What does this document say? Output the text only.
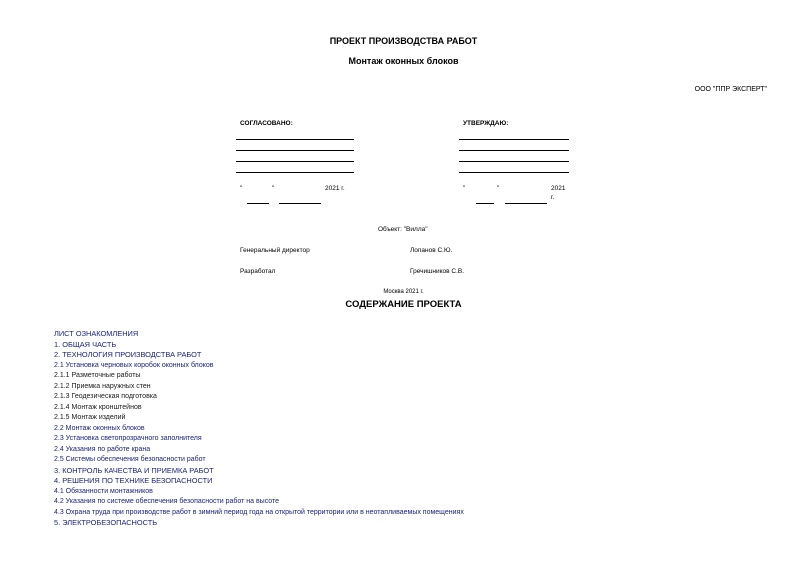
ПРОЕКТ ПРОИЗВОДСТВА РАБОТ
Монтаж оконных блоков
ООО "ППР ЭКСПЕРТ"
СОГЛАСОВАНО:
"	"	2021 г.
УТВЕРЖДАЮ:
"	"	2021
г.
Объект: "Вилла"
Генеральный директор	Лопанов С.Ю.
Разработал	Гречишников С.В.
Москва 2021 г.
СОДЕРЖАНИЕ ПРОЕКТА
ЛИСТ ОЗНАКОМЛЕНИЯ
1. ОБЩАЯ ЧАСТЬ
2. ТЕХНОЛОГИЯ ПРОИЗВОДСТВА РАБОТ
2.1 Установка черновых коробок оконных блоков
2.1.1 Разметочные работы
2.1.2 Приемка наружных стен
2.1.3 Геодезическая подготовка
2.1.4 Монтаж кронштейнов
2.1.5 Монтаж изделий
2.2 Монтаж оконных блоков
2.3 Установка светопрозрачного заполнителя
2.4 Указания по работе крана
2.5 Системы обеспечения безопасности работ
3. КОНТРОЛЬ КАЧЕСТВА И ПРИЕМКА РАБОТ
4. РЕШЕНИЯ ПО ТЕХНИКЕ БЕЗОПАСНОСТИ
4.1 Обязанности монтажников
4.2 Указания по системе обеспечения безопасности работ на высоте
4.3 Охрана труда при производстве работ в зимний период года на открытой территории или в неотапливаемых помещениях
5. ЭЛЕКТРОБЕЗОПАСНОСТЬ
